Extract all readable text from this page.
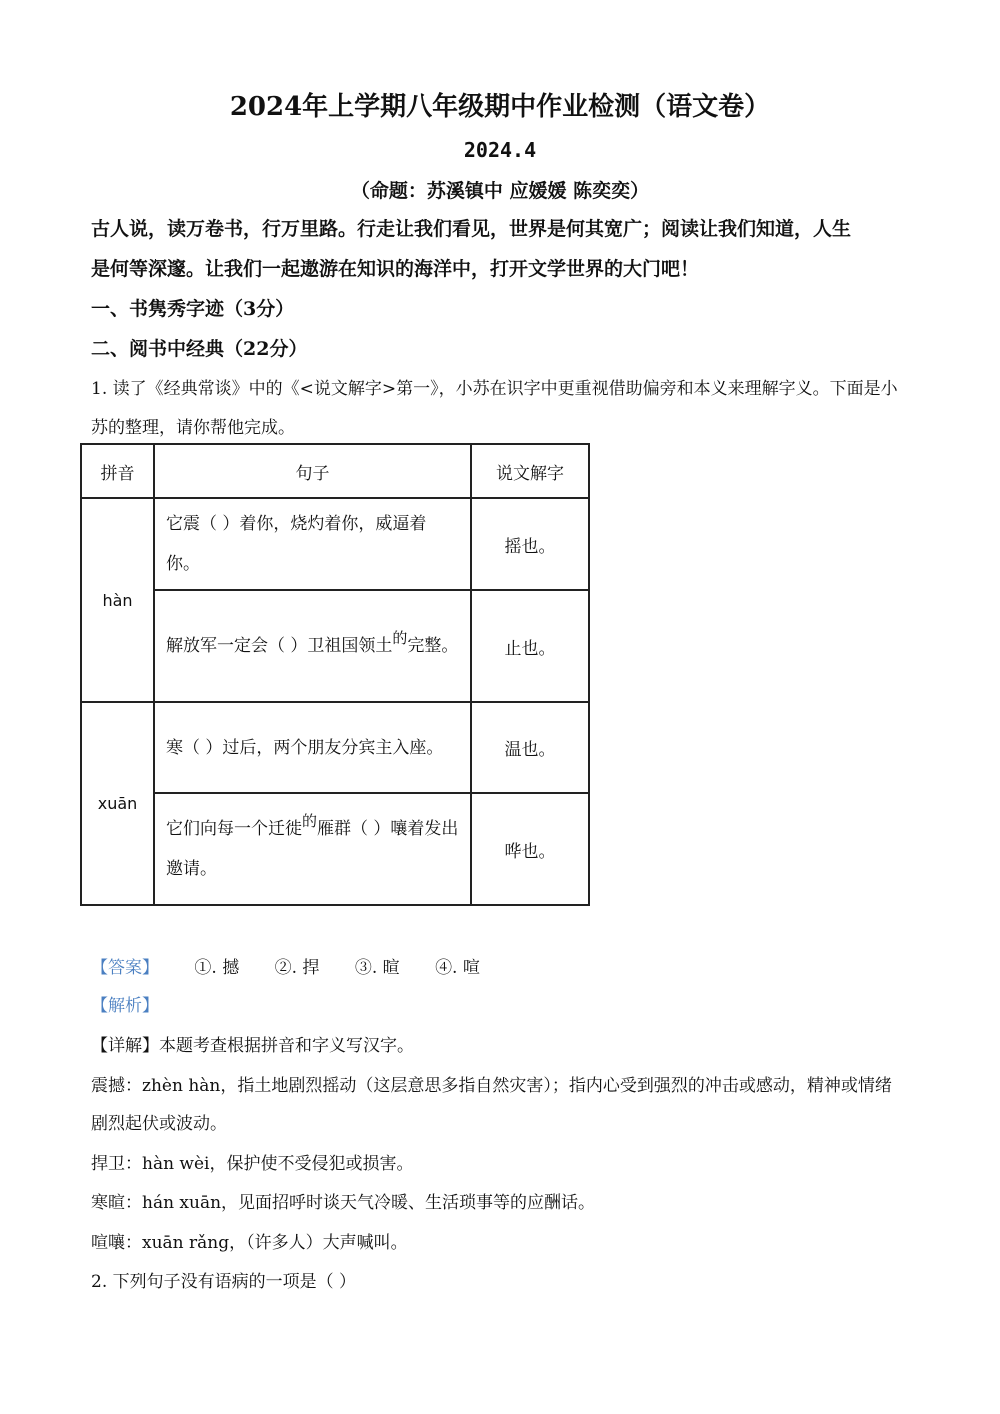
2024年上学期八年级期中作业检测（语文卷）
2024.4
（命题：苏溪镇中 应媛媛 陈奕奕）
古人说，读万卷书，行万里路。行走让我们看见，世界是何其宽广；阅读让我们知道，人生
是何等深邃。让我们一起遨游在知识的海洋中，打开文学世界的大门吧！
一、书隽秀字迹（3分）
二、阅书中经典（22分）
1. 读了《经典常谈》中的《<说文解字>第一》，小苏在识字中更重视借助偏旁和本义来理解字义。下面是小
苏的整理，请你帮他完成。
拼音	句子	说文解字
hàn	它震（ ）着你，烧灼着你，威逼着你。	摇也。
	解放军一定会（ ）卫祖国领土的完整。	止也。
xuān	寒（ ）过后，两个朋友分宾主入座。	温也。
	它们向每一个迁徙的雁群（ ）嚷着发出邀请。	哗也。
【答案】 ①. 撼 ②. 捍 ③. 暄 ④. 喧
【解析】
【详解】本题考查根据拼音和字义写汉字。
震撼：zhèn hàn，指土地剧烈摇动（这层意思多指自然灾害）；指内心受到强烈的冲击或感动，精神或情绪
剧烈起伏或波动。
捍卫：hàn wèi，保护使不受侵犯或损害。
寒暄：hán xuān，见面招呼时谈天气冷暖、生活琐事等的应酬话。
喧嚷：xuān rǎng，（许多人）大声喊叫。
2. 下列句子没有语病的一项是（ ）
